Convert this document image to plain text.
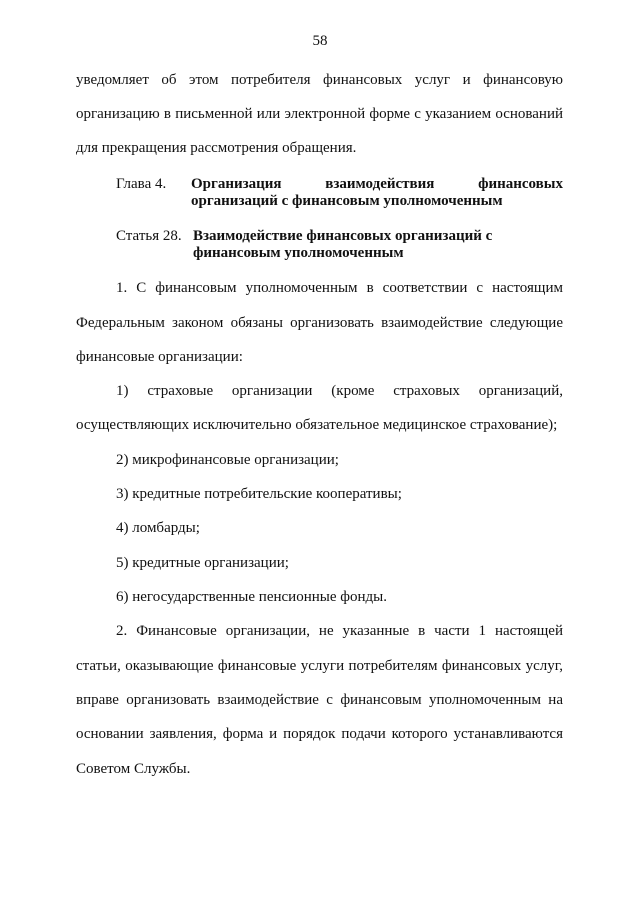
58
уведомляет об этом потребителя финансовых услуг и финансовую
организацию в письменной или электронной форме с указанием оснований
для прекращения рассмотрения обращения.
Глава 4. Организация взаимодействия финансовых
организаций с финансовым уполномоченным
Статья 28. Взаимодействие финансовых организаций с
финансовым уполномоченным
1. С финансовым уполномоченным в соответствии с настоящим
Федеральным законом обязаны организовать взаимодействие следующие
финансовые организации:
1) страховые организации (кроме страховых организаций,
осуществляющих исключительно обязательное медицинское страхование);
2) микрофинансовые организации;
3) кредитные потребительские кооперативы;
4) ломбарды;
5) кредитные организации;
6) негосударственные пенсионные фонды.
2. Финансовые организации, не указанные в части 1 настоящей
статьи, оказывающие финансовые услуги потребителям финансовых услуг,
вправе организовать взаимодействие с финансовым уполномоченным на
основании заявления, форма и порядок подачи которого устанавливаются
Советом Службы.
